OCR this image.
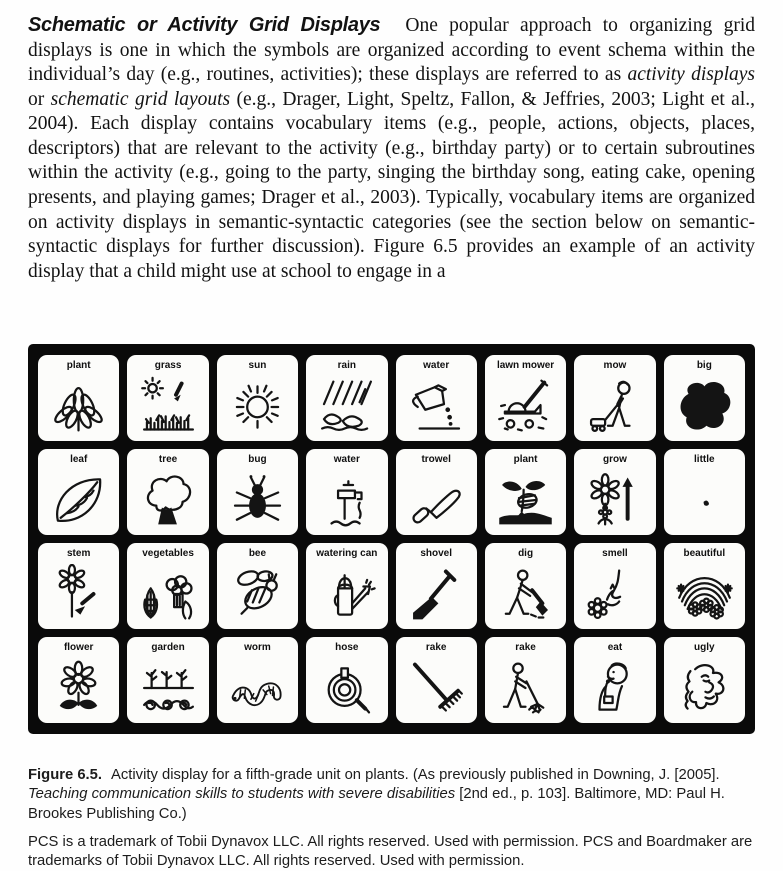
Schematic or Activity Grid Displays One popular approach to organizing grid displays is one in which the symbols are organized according to event schema within the individual’s day (e.g., routines, activities); these displays are referred to as activity displays or schematic grid layouts (e.g., Drager, Light, Speltz, Fallon, & Jeffries, 2003; Light et al., 2004). Each display contains vocabulary items (e.g., people, actions, objects, places, descriptors) that are relevant to the activity (e.g., birthday party) or to certain subroutines within the activity (e.g., going to the party, singing the birthday song, eating cake, opening presents, and playing games; Drager et al., 2003). Typically, vocabulary items are organized on activity displays in semantic-syntactic categories (see the section below on semantic-syntactic displays for further discussion). Figure 6.5 provides an example of an activity display that a child might use at school to engage in a

plant	grass	sun	rain	water	lawn mower	mow	big
leaf	tree	bug	water	trowel	plant	grow	little
stem	vegetables	bee	watering can	shovel	dig	smell	beautiful
flower	garden	worm	hose	rake	rake	eat	ugly

Figure 6.5. Activity display for a fifth-grade unit on plants. (As previously published in Downing, J. [2005]. Teaching communication skills to students with severe disabilities [2nd ed., p. 103]. Baltimore, MD: Paul H. Brookes Publishing Co.)

PCS is a trademark of Tobii Dynavox LLC. All rights reserved. Used with permission. PCS and Boardmaker are trademarks of Tobii Dynavox LLC. All rights reserved. Used with permission.
